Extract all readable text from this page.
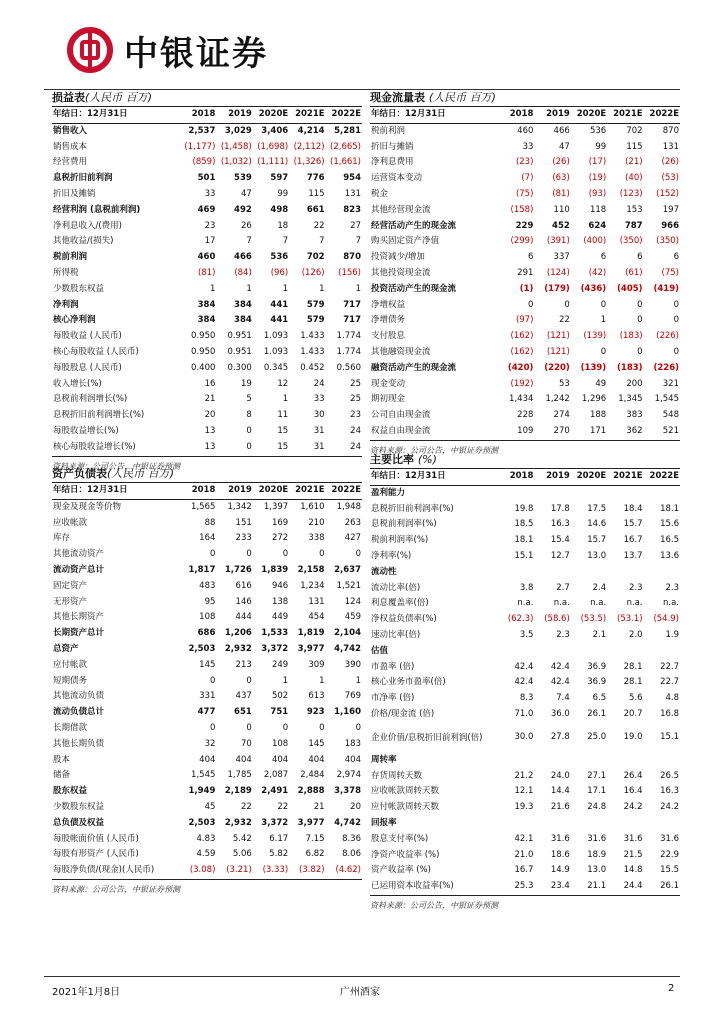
中银证券
损益表(人民币 百万)
年结日：12月31日	2018	2019	2020E	2021E	2022E
销售收入	2,537	3,029	3,406	4,214	5,281
销售成本	(1,177)	(1,458)	(1,698)	(2,112)	(2,665)
经营费用	(859)	(1,032)	(1,111)	(1,326)	(1,661)
息税折旧前利润	501	539	597	776	954
折旧及摊销	33	47	99	115	131
经营利润 (息税前利润)	469	492	498	661	823
净利息收入/(费用)	23	26	18	22	27
其他收益/(损失)	17	7	7	7	7
税前利润	460	466	536	702	870
所得税	(81)	(84)	(96)	(126)	(156)
少数股东权益	1	1	1	1	1
净利润	384	384	441	579	717
核心净利润	384	384	441	579	717
每股收益 (人民币)	0.950	0.951	1.093	1.433	1.774
核心每股收益 (人民币)	0.950	0.951	1.093	1.433	1.774
每股股息 (人民币)	0.400	0.300	0.345	0.452	0.560
收入增长(%)	16	19	12	24	25
息税前利润增长(%)	21	5	1	33	25
息税折旧前利润增长(%)	20	8	11	30	23
每股收益增长(%)	13	0	15	31	24
核心每股收益增长(%)	13	0	15	31	24
资料来源：公司公告，中银证券预测
资产负债表(人民币 百万)
年结日：12月31日	2018	2019	2020E	2021E	2022E
现金及现金等价物	1,565	1,342	1,397	1,610	1,948
应收帐款	88	151	169	210	263
库存	164	233	272	338	427
其他流动资产	0	0	0	0	0
流动资产总计	1,817	1,726	1,839	2,158	2,637
固定资产	483	616	946	1,234	1,521
无形资产	95	146	138	131	124
其他长期资产	108	444	449	454	459
长期资产总计	686	1,206	1,533	1,819	2,104
总资产	2,503	2,932	3,372	3,977	4,742
应付帐款	145	213	249	309	390
短期债务	0	0	1	1	1
其他流动负债	331	437	502	613	769
流动负债总计	477	651	751	923	1,160
长期借款	0	0	0	0	0
其他长期负债	32	70	108	145	183
股本	404	404	404	404	404
储备	1,545	1,785	2,087	2,484	2,974
股东权益	1,949	2,189	2,491	2,888	3,378
少数股东权益	45	22	22	21	20
总负债及权益	2,503	2,932	3,372	3,977	4,742
每股帐面价值 (人民币)	4.83	5.42	6.17	7.15	8.36
每股有形资产 (人民币)	4.59	5.06	5.82	6.82	8.06
每股净负债/(现金)(人民币)	(3.08)	(3.21)	(3.33)	(3.82)	(4.62)
资料来源：公司公告，中银证券预测
现金流量表 (人民币 百万)
年结日：12月31日	2018	2019	2020E	2021E	2022E
税前利润	460	466	536	702	870
折旧与摊销	33	47	99	115	131
净利息费用	(23)	(26)	(17)	(21)	(26)
运营资本变动	(7)	(63)	(19)	(40)	(53)
税金	(75)	(81)	(93)	(123)	(152)
其他经营现金流	(158)	110	118	153	197
经营活动产生的现金流	229	452	624	787	966
购买固定资产净值	(299)	(391)	(400)	(350)	(350)
投资减少/增加	6	337	6	6	6
其他投资现金流	291	(124)	(42)	(61)	(75)
投资活动产生的现金流	(1)	(179)	(436)	(405)	(419)
净增权益	0	0	0	0	0
净增债务	(97)	22	1	0	0
支付股息	(162)	(121)	(139)	(183)	(226)
其他融资现金流	(162)	(121)	0	0	0
融资活动产生的现金流	(420)	(220)	(139)	(183)	(226)
现金变动	(192)	53	49	200	321
期初现金	1,434	1,242	1,296	1,345	1,545
公司自由现金流	228	274	188	383	548
权益自由现金流	109	270	171	362	521
资料来源：公司公告，中银证券预测
主要比率 (%)
年结日：12月31日	2018	2019	2020E	2021E	2022E
盈利能力					
息税折旧前利润率(%)	19.8	17.8	17.5	18.4	18.1
息税前利润率(%)	18.5	16.3	14.6	15.7	15.6
税前利润率(%)	18.1	15.4	15.7	16.7	16.5
净利率(%)	15.1	12.7	13.0	13.7	13.6
流动性					
流动比率(倍)	3.8	2.7	2.4	2.3	2.3
利息覆盖率(倍)	n.a.	n.a.	n.a.	n.a.	n.a.
净权益负债率(%)	(62.3)	(58.6)	(53.5)	(53.1)	(54.9)
速动比率(倍)	3.5	2.3	2.1	2.0	1.9
估值					
市盈率 (倍)	42.4	42.4	36.9	28.1	22.7
核心业务市盈率(倍)	42.4	42.4	36.9	28.1	22.7
市净率 (倍)	8.3	7.4	6.5	5.6	4.8
价格/现金流 (倍)	71.0	36.0	26.1	20.7	16.8
企业价值/息税折旧前利润(倍)	30.0	27.8	25.0	19.0	15.1
周转率					
存货周转天数	21.2	24.0	27.1	26.4	26.5
应收帐款周转天数	12.1	14.4	17.1	16.4	16.3
应付帐款周转天数	19.3	21.6	24.8	24.2	24.2
回报率					
股息支付率(%)	42.1	31.6	31.6	31.6	31.6
净资产收益率 (%)	21.0	18.6	18.9	21.5	22.9
资产收益率 (%)	16.7	14.9	13.0	14.8	15.5
已运用资本收益率(%)	25.3	23.4	21.1	24.4	26.1
资料来源：公司公告，中银证券预测
2021年1月8日	广州酒家	2
